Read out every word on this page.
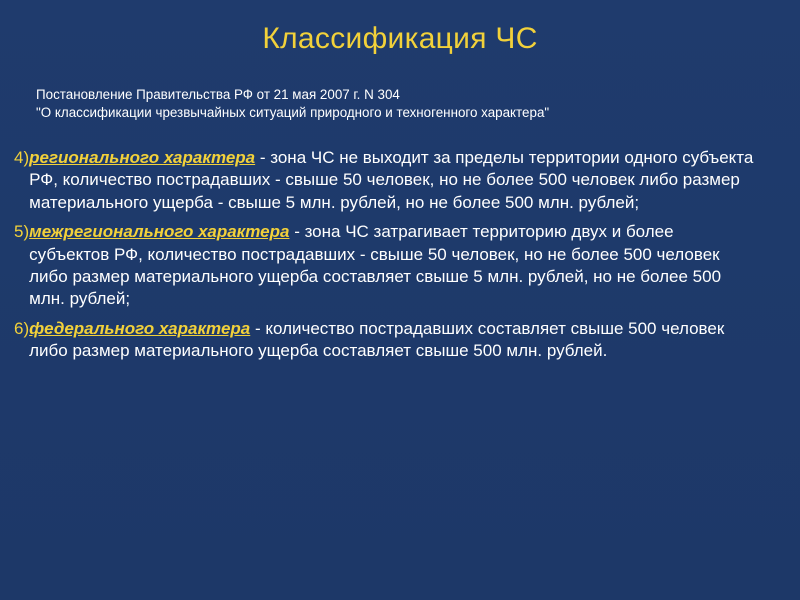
Классификация ЧС
Постановление Правительства РФ от 21 мая 2007 г. N 304
"О классификации чрезвычайных ситуаций природного и техногенного характера"
4) регионального характера - зона ЧС не выходит за пределы территории одного субъекта РФ, количество пострадавших - свыше 50 человек, но не более 500 человек либо размер материального ущерба - свыше 5 млн. рублей, но не более 500 млн. рублей;
5) межрегионального характера - зона ЧС затрагивает территорию двух и более субъектов РФ, количество пострадавших - свыше 50 человек, но не более 500 человек либо размер материального ущерба составляет свыше 5 млн. рублей, но не более 500 млн. рублей;
6) федерального характера - количество пострадавших составляет свыше 500 человек либо размер материального ущерба составляет свыше 500 млн. рублей.
